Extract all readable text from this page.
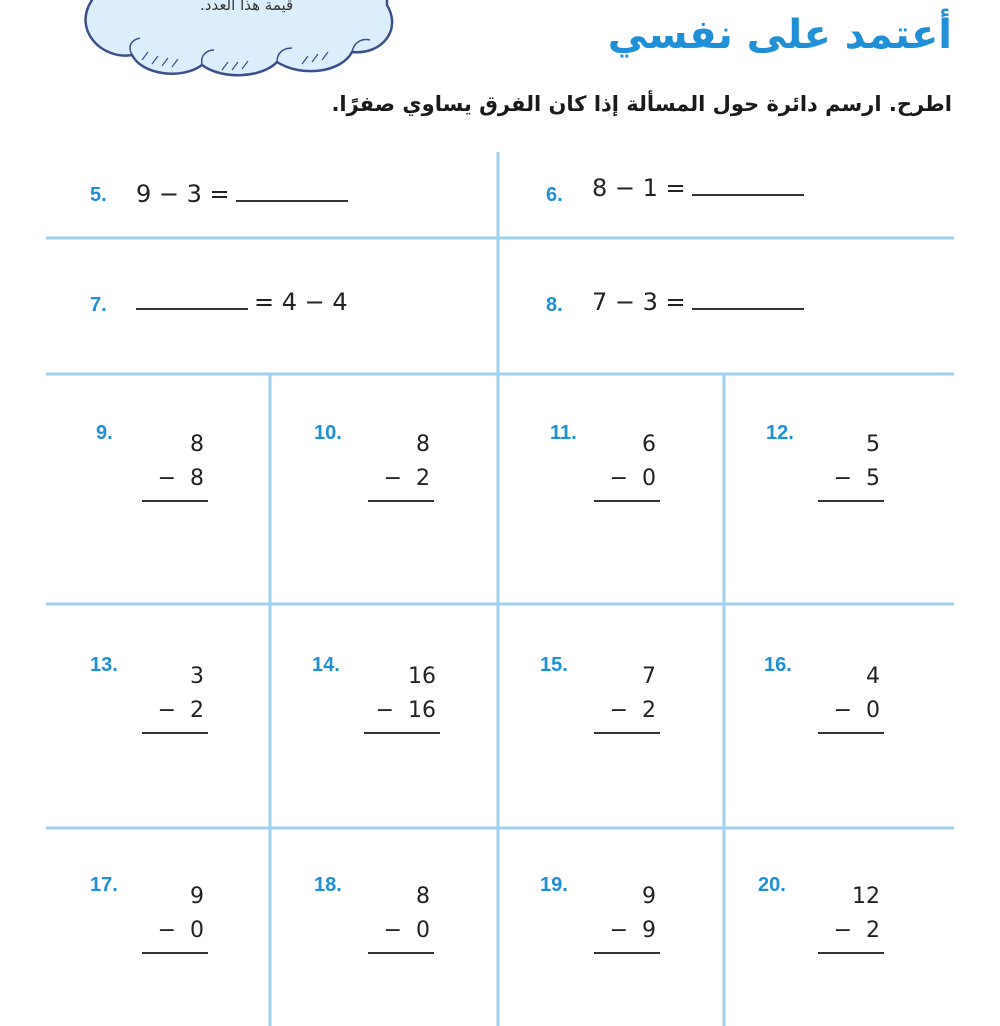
قيمة هذا العدد.
أعتمد على نفسي

اطرح. ارسم دائرة حول المسألة إذا كان الفرق يساوي صفرًا.

5. 9 − 3 =	6. 8 − 1 =
7.	= 4 − 4	8. 7 − 3 =
9.	8
− 8
10.	8
− 2
11.	6
− 0
12.	5
− 5
13.	3
− 2
14.	16
− 16
15.	7
− 2
16.	4
− 0
17.	9
− 0
18.	8
− 0
19.	9
− 9
20.	12
− 2
